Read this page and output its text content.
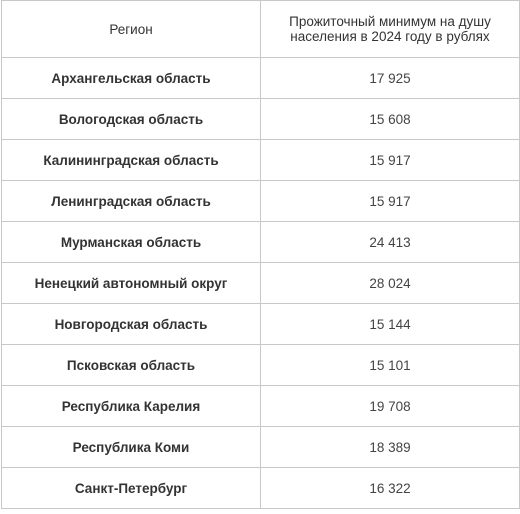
Регион	Прожиточный минимум на душу населения в 2024 году в рублях
Архангельская область	17 925
Вологодская область	15 608
Калининградская область	15 917
Ленинградская область	15 917
Мурманская область	24 413
Ненецкий автономный округ	28 024
Новгородская область	15 144
Псковская область	15 101
Республика Карелия	19 708
Республика Коми	18 389
Санкт-Петербург	16 322
